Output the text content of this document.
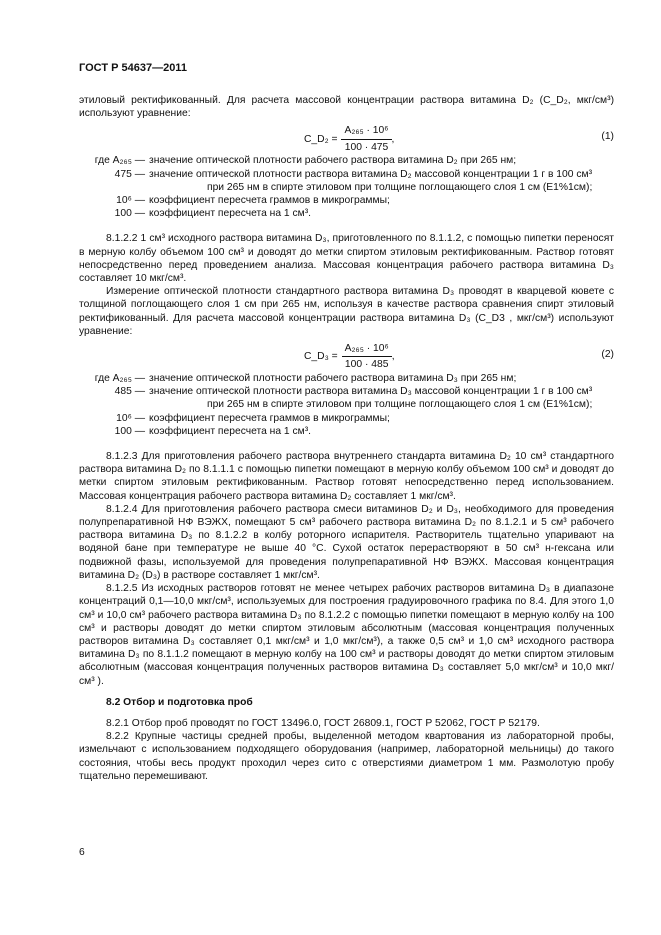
ГОСТ Р 54637—2011

этиловый ректификованный. Для расчета массовой концентрации раствора витамина D₂ (C_D₂, мкг/см³) используют уравнение:

C_D₂ = $\frac{\text{A₂₆₅ · 10⁶}}{100 \cdot 475}$ ,	(1)
где A₂₆₅ — значение оптической плотности рабочего раствора витамина D₂ при 265 нм;
475 — значение оптической плотности раствора витамина D₂ массовой концентрации 1 г в 100 см³
при 265 нм в спирте этиловом при толщине поглощающего слоя 1 см (E1%1см);
10⁶ — коэффициент пересчета граммов в микрограммы;
100 — коэффициент пересчета на 1 см³.

8.1.2.2 1 см³ исходного раствора витамина D₃, приготовленного по 8.1.1.2, с помощью пипетки переносят в мерную колбу объемом 100 см³ и доводят до метки спиртом этиловым ректификованным. Раствор готовят непосредственно перед проведением анализа. Массовая концентрация рабочего раствора витамина D₃ составляет 10 мкг/см³.

Измерение оптической плотности стандартного раствора витамина D₃ проводят в кварцевой кювете с толщиной поглощающего слоя 1 см при 265 нм, используя в качестве раствора сравнения спирт этиловый ректификованный. Для расчета массовой концентрации раствора витамина D₃ (C_D3 , мкг/см³) используют уравнение:

C_D₃ = $\frac{\text{A₂₆₅ · 10⁶}}{100 \cdot 485}$ ,	(2)
где A₂₆₅ — значение оптической плотности рабочего раствора витамина D₃ при 265 нм;
485 — значение оптической плотности раствора витамина D₃ массовой концентрации 1 г в 100 см³
при 265 нм в спирте этиловом при толщине поглощающего слоя 1 см (E1%1см);
10⁶ — коэффициент пересчета граммов в микрограммы;
100 — коэффициент пересчета на 1 см³.

8.1.2.3 Для приготовления рабочего раствора внутреннего стандарта витамина D₂ 10 см³ стандартного раствора витамина D₂ по 8.1.1.1 с помощью пипетки помещают в мерную колбу объемом 100 см³ и доводят до метки спиртом этиловым ректификованным. Раствор готовят непосредственно перед использованием. Массовая концентрация рабочего раствора витамина D₂ составляет 1 мкг/см³.

8.1.2.4 Для приготовления рабочего раствора смеси витаминов D₂ и D₃, необходимого для проведения полупрепаративной НФ ВЭЖХ, помещают 5 см³ рабочего раствора витамина D₂ по 8.1.2.1 и 5 см³ рабочего раствора витамина D₃ по 8.1.2.2 в колбу роторного испарителя. Растворитель тщательно упаривают на водяной бане при температуре не выше 40 °С. Сухой остаток перерастворяют в 50 см³ н-гексана или подвижной фазы, используемой для проведения полупрепаративной НФ ВЭЖХ. Массовая концентрация витамина D₂ (D₃) в растворе составляет 1 мкг/см³.

8.1.2.5 Из исходных растворов готовят не менее четырех рабочих растворов витамина D₃ в диапазоне концентраций 0,1—10,0 мкг/см³, используемых для построения градуировочного графика по 8.4. Для этого 1,0 см³ и 10,0 см³ рабочего раствора витамина D₃ по 8.1.2.2 с помощью пипетки помещают в мерную колбу на 100 см³ и растворы доводят до метки спиртом этиловым абсолютным (массовая концентрация полученных растворов витамина D₃ составляет 0,1 мкг/см³ и 1,0 мкг/см³), а также 0,5 см³ и 1,0 см³ исходного раствора витамина D₃ по 8.1.1.2 помещают в мерную колбу на 100 см³ и растворы доводят до метки спиртом этиловым абсолютным (массовая концентрация полученных растворов витамина D₃ составляет 5,0 мкг/см³ и 10,0 мкг/см³ ).

8.2 Отбор и подготовка проб

8.2.1 Отбор проб проводят по ГОСТ 13496.0, ГОСТ 26809.1, ГОСТ Р 52062, ГОСТ Р 52179.

8.2.2 Крупные частицы средней пробы, выделенной методом квартования из лабораторной пробы, измельчают с использованием подходящего оборудования (например, лабораторной мельницы) до такого состояния, чтобы весь продукт проходил через сито с отверстиями диаметром 1 мм. Размолотую пробу тщательно перемешивают.

6
